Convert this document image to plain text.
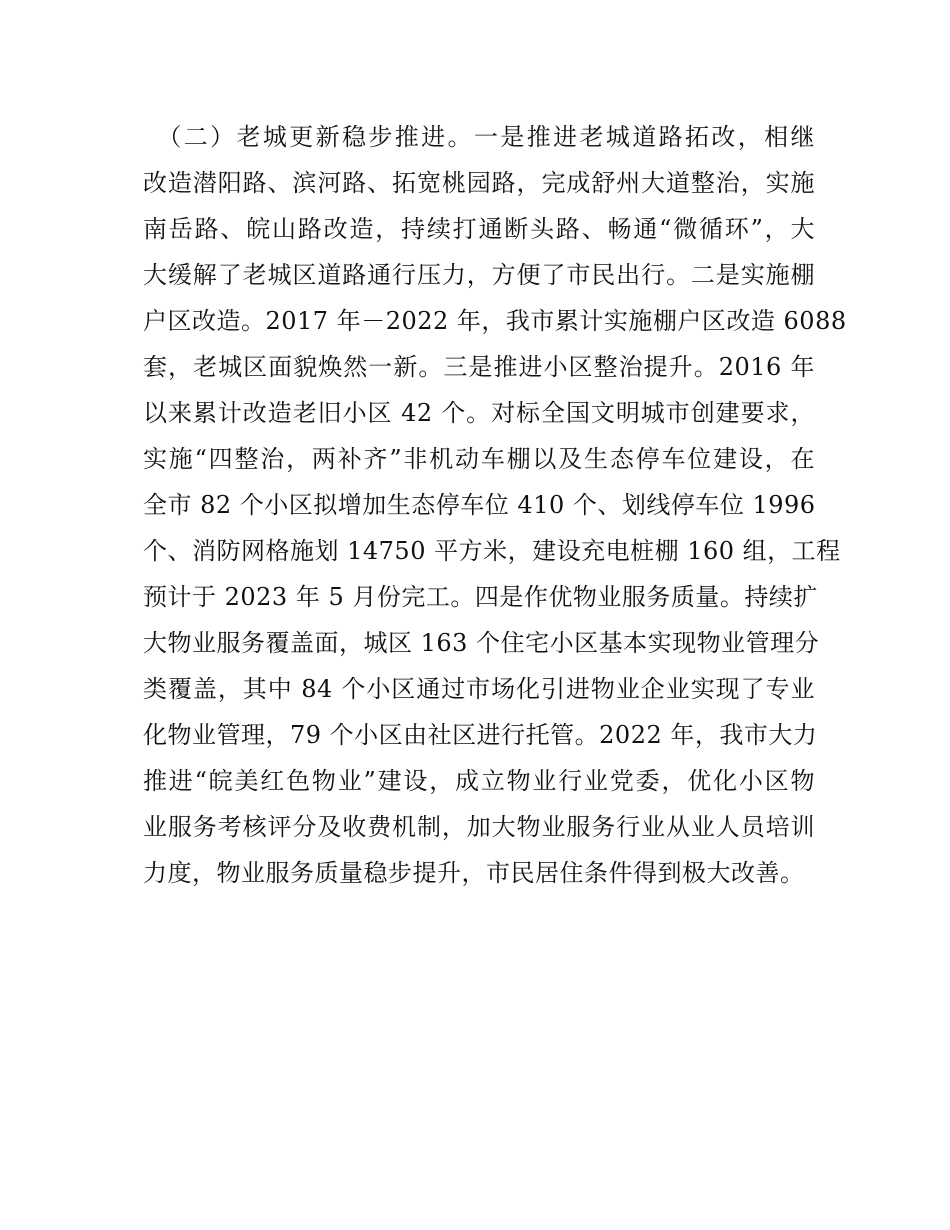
　（二）老城更新稳步推进。一是推进老城道路拓改，相继
改造潜阳路、滨河路、拓宽桃园路，完成舒州大道整治，实施
南岳路、皖山路改造，持续打通断头路、畅通“微循环”，大
大缓解了老城区道路通行压力，方便了市民出行。二是实施棚
户区改造。2017 年－2022 年，我市累计实施棚户区改造 6088
套，老城区面貌焕然一新。三是推进小区整治提升。2016 年
以来累计改造老旧小区 42 个。对标全国文明城市创建要求，
实施“四整治，两补齐”非机动车棚以及生态停车位建设，在
全市 82 个小区拟增加生态停车位 410 个、划线停车位 1996
个、消防网格施划 14750 平方米，建设充电桩棚 160 组，工程
预计于 2023 年 5 月份完工。四是作优物业服务质量。持续扩
大物业服务覆盖面，城区 163 个住宅小区基本实现物业管理分
类覆盖，其中 84 个小区通过市场化引进物业企业实现了专业
化物业管理，79 个小区由社区进行托管。2022 年，我市大力
推进“皖美红色物业”建设，成立物业行业党委，优化小区物
业服务考核评分及收费机制，加大物业服务行业从业人员培训
力度，物业服务质量稳步提升，市民居住条件得到极大改善。
